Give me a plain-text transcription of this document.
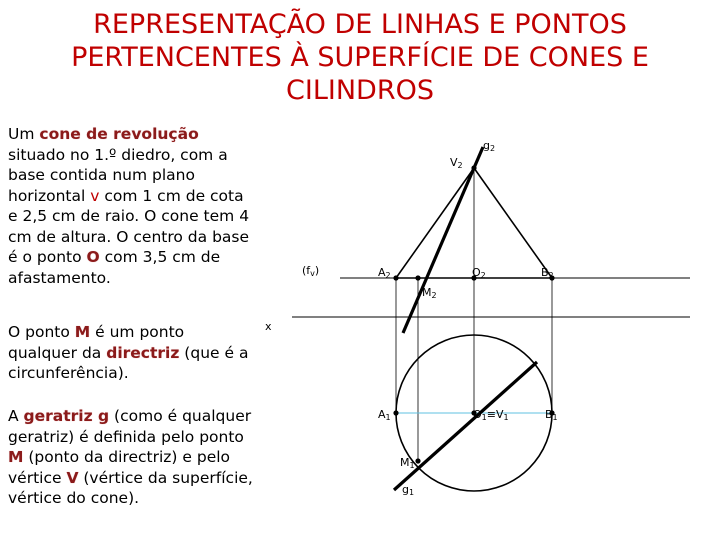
REPRESENTAÇÃO DE LINHAS E PONTOS
PERTENCENTES À SUPERFÍCIE DE CONES E
CILINDROS
Um cone de revolução situado no 1.º diedro, com a base contida num plano horizontal v com 1 cm de cota e 2,5 cm de raio. O cone tem 4 cm de altura. O centro da base é o ponto O com 3,5 cm de afastamento.
O ponto M é um ponto qualquer da directriz (que é a circunferência).
A geratriz g (como é qualquer geratriz) é definida pelo ponto M (ponto da directriz) e pelo vértice V (vértice da superfície, vértice do cone).
g2
V2
(fv)	A2	O2	B2
M2
x
A1	O1≡V1	B1
M1
g1
